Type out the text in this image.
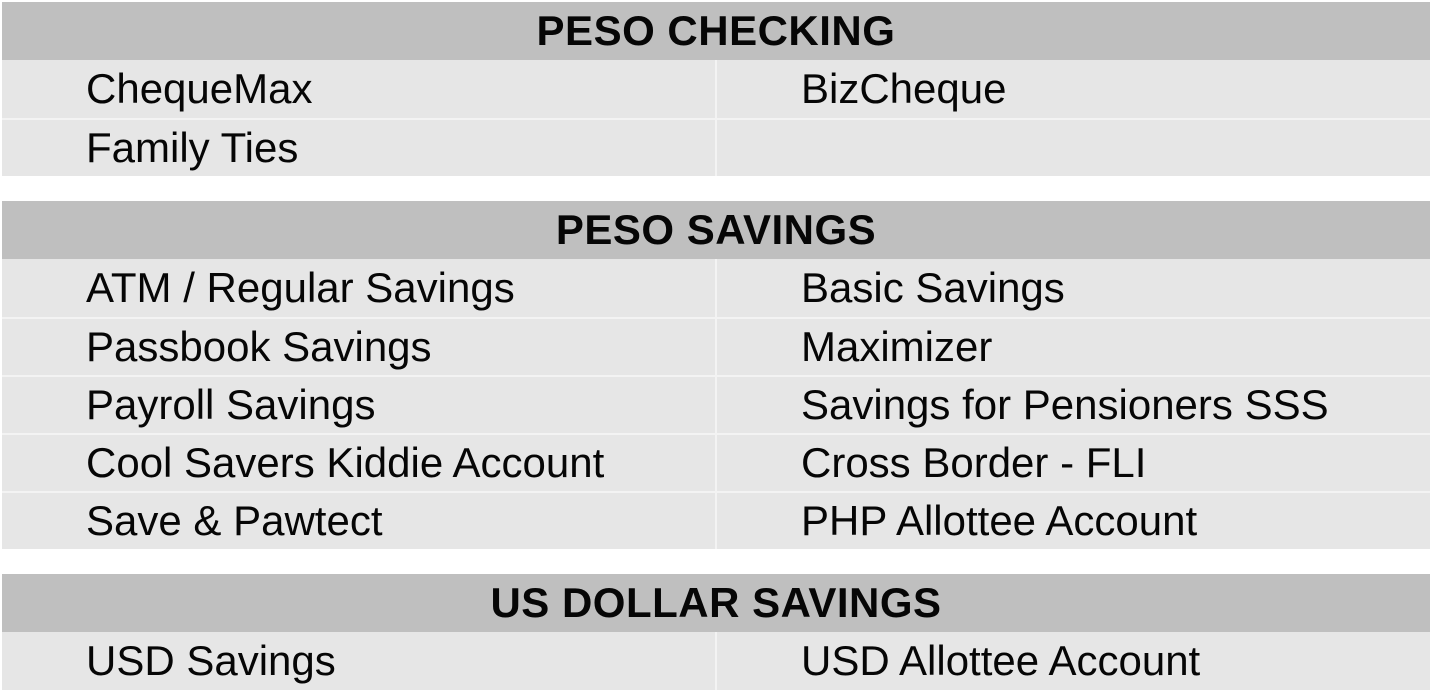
PESO CHECKING
ChequeMax	BizCheque
Family Ties
PESO SAVINGS
ATM / Regular Savings	Basic Savings
Passbook Savings	Maximizer
Payroll Savings	Savings for Pensioners SSS
Cool Savers Kiddie Account	Cross Border - FLI
Save & Pawtect	PHP Allottee Account
US DOLLAR SAVINGS
USD Savings	USD Allottee Account
